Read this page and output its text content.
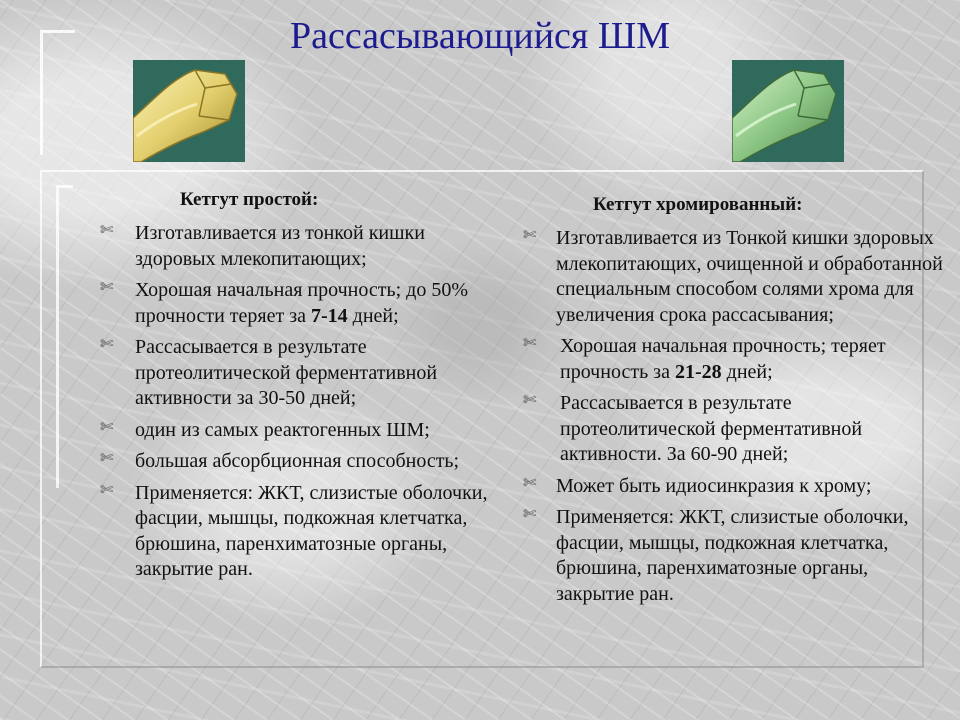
Рассасывающийся ШМ
Кетгут простой:
✄ Изготавливается из тонкой кишки здоровых млекопитающих;
✄ Хорошая начальная прочность; до 50% прочности теряет за 7-14 дней;
✄ Рассасывается в результате протеолитической ферментативной активности за 30-50 дней;
✄ один из самых реактогенных ШМ;
✄ большая абсорбционная способность;
✄ Применяется: ЖКТ, слизистые оболочки, фасции, мышцы, подкожная клетчатка, брюшина, паренхиматозные органы, закрытие ран.
Кетгут хромированный:
✄ Изготавливается из Тонкой кишки здоровых млекопитающих, очищенной и обработанной специальным способом солями хрома для увеличения срока рассасывания;
✄ Хорошая начальная прочность; теряет прочность за 21-28 дней;
✄ Рассасывается в результате протеолитической ферментативной активности. За 60-90 дней;
✄ Может быть идиосинкразия к хрому;
✄ Применяется: ЖКТ, слизистые оболочки, фасции, мышцы, подкожная клетчатка, брюшина, паренхиматозные органы, закрытие ран.
